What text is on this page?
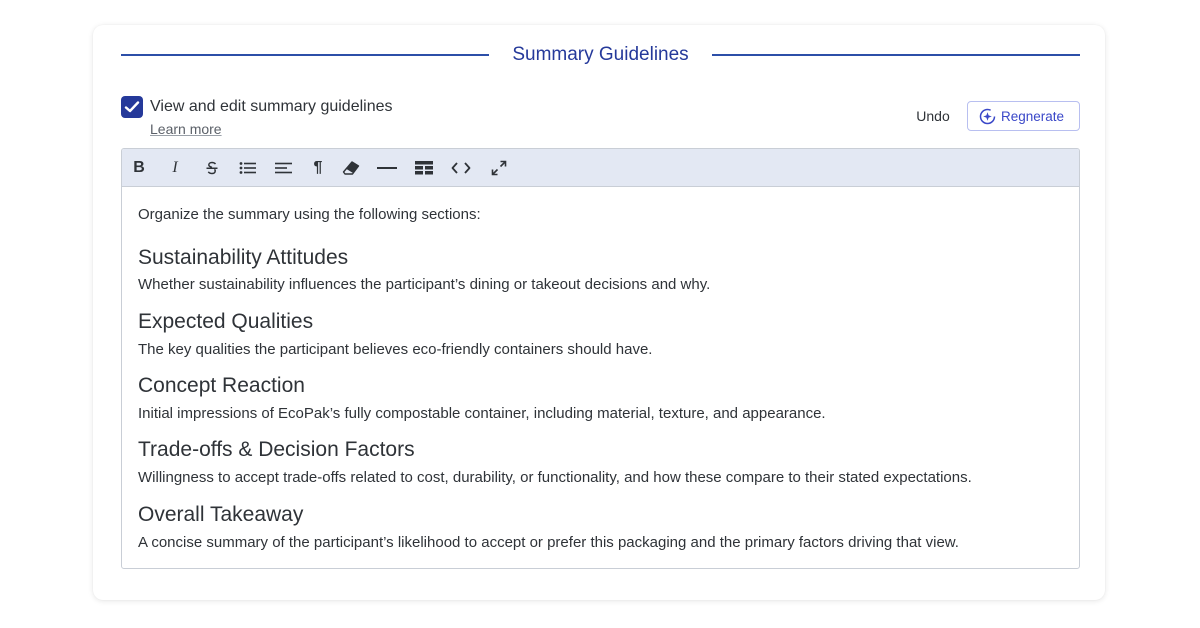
Summary Guidelines
View and edit summary guidelines
Learn more
Undo	Regnerate
B I	¶
Organize the summary using the following sections:
Sustainability Attitudes
Whether sustainability influences the participant’s dining or takeout decisions and why.
Expected Qualities
The key qualities the participant believes eco-friendly containers should have.
Concept Reaction
Initial impressions of EcoPak’s fully compostable container, including material, texture, and appearance.
Trade-offs & Decision Factors
Willingness to accept trade-offs related to cost, durability, or functionality, and how these compare to their stated expectations.
Overall Takeaway
A concise summary of the participant’s likelihood to accept or prefer this packaging and the primary factors driving that view.
